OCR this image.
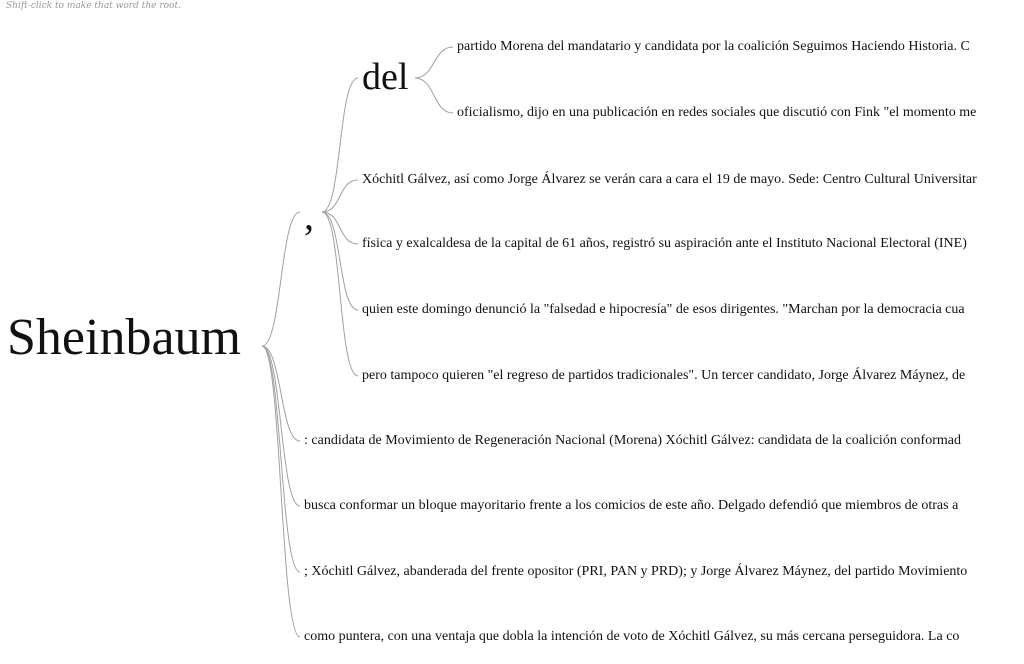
Shift-click to make that word the root.
Sheinbaum
,
del
partido Morena del mandatario y candidata por la coalición Seguimos Haciendo Historia. C
oficialismo, dijo en una publicación en redes sociales que discutió con Fink "el momento me
Xóchitl Gálvez, así como Jorge Álvarez se verán cara a cara el 19 de mayo. Sede: Centro Cultural Universitar
física y exalcaldesa de la capital de 61 años, registró su aspiración ante el Instituto Nacional Electoral (INE)
quien este domingo denunció la "falsedad e hipocresía" de esos dirigentes. "Marchan por la democracia cua
pero tampoco quieren "el regreso de partidos tradicionales". Un tercer candidato, Jorge Álvarez Máynez, de
: candidata de Movimiento de Regeneración Nacional (Morena) Xóchitl Gálvez: candidata de la coalición conformad
busca conformar un bloque mayoritario frente a los comicios de este año. Delgado defendió que miembros de otras a
; Xóchitl Gálvez, abanderada del frente opositor (PRI, PAN y PRD); y Jorge Álvarez Máynez, del partido Movimiento
como puntera, con una ventaja que dobla la intención de voto de Xóchitl Gálvez, su más cercana perseguidora. La co
